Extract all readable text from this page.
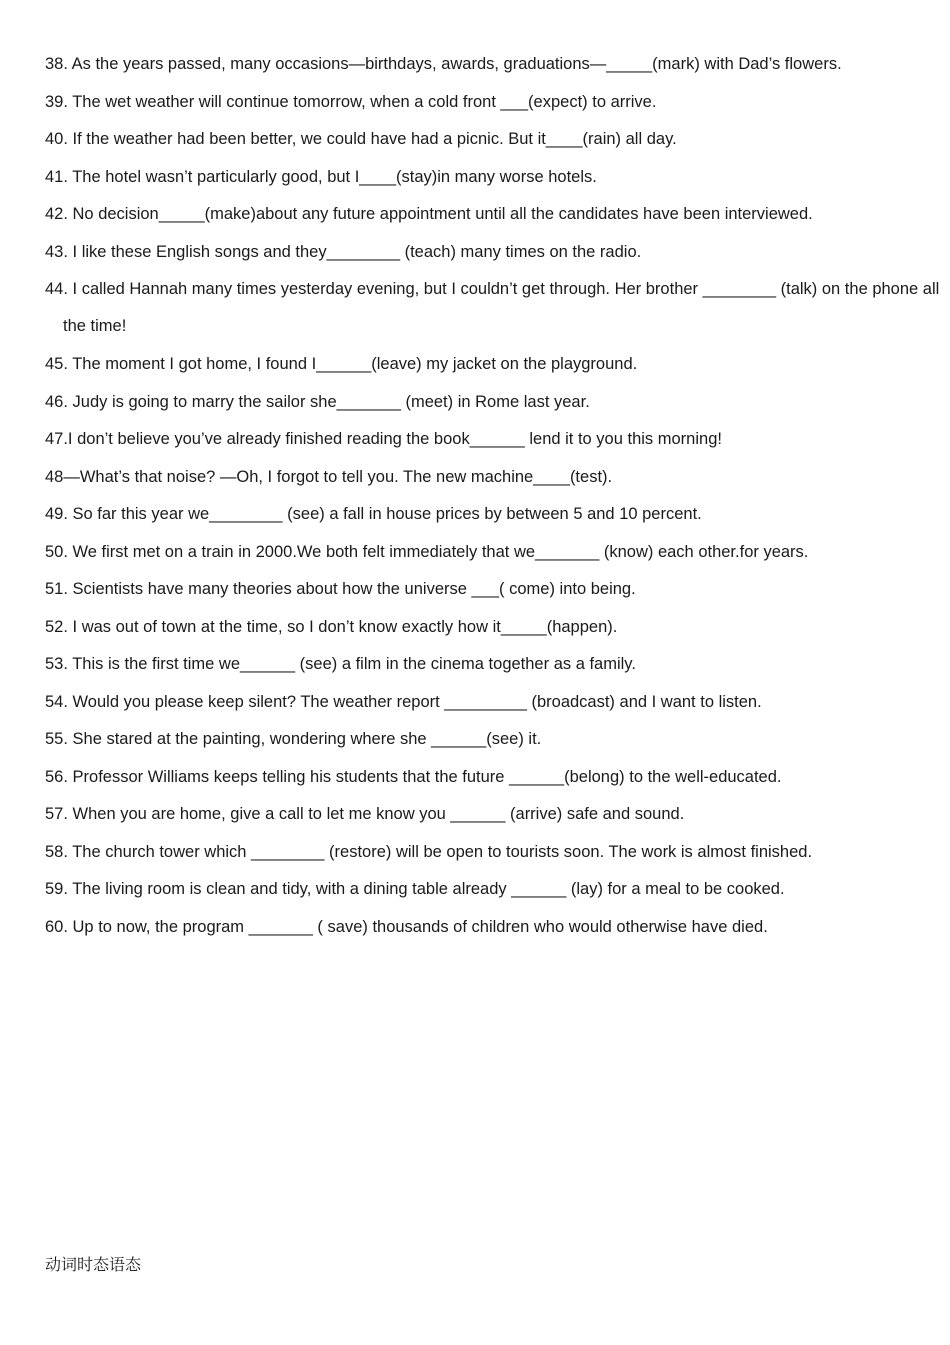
38. As the years passed, many occasions—birthdays, awards, graduations—_____(mark) with Dad’s flowers.
39. The wet weather will continue tomorrow, when a cold front ___(expect) to arrive.
40. If the weather had been better, we could have had a picnic. But it____(rain) all day.
41. The hotel wasn’t particularly good, but I____(stay)in many worse hotels.
42. No decision_____(make)about any future appointment until all the candidates have been interviewed.
43. I like these English songs and they________ (teach) many times on the radio.
44. I called Hannah many times yesterday evening, but I couldn’t get through. Her brother ________ (talk) on the phone all
the time!
45. The moment I got home, I found I______(leave) my jacket on the playground.
46. Judy is going to marry the sailor she_______ (meet) in Rome last year.
47.I don’t believe you’ve already finished reading the book______ lend it to you this morning!
48—What’s that noise? —Oh, I forgot to tell you. The new machine____(test).
49. So far this year we________ (see) a fall in house prices by between 5 and 10 percent.
50. We first met on a train in 2000.We both felt immediately that we_______ (know) each other.for years.
51. Scientists have many theories about how the universe ___( come) into being.
52. I was out of town at the time, so I don’t know exactly how it_____(happen).
53. This is the first time we______ (see) a film in the cinema together as a family.
54. Would you please keep silent? The weather report _________ (broadcast) and I want to listen.
55. She stared at the painting, wondering where she ______(see) it.
56. Professor Williams keeps telling his students that the future ______(belong) to the well-educated.
57. When you are home, give a call to let me know you ______ (arrive) safe and sound.
58. The church tower which ________ (restore) will be open to tourists soon. The work is almost finished.
59. The living room is clean and tidy, with a dining table already ______ (lay) for a meal to be cooked.
60. Up to now, the program _______ ( save) thousands of children who would otherwise have died.
动词时态语态
